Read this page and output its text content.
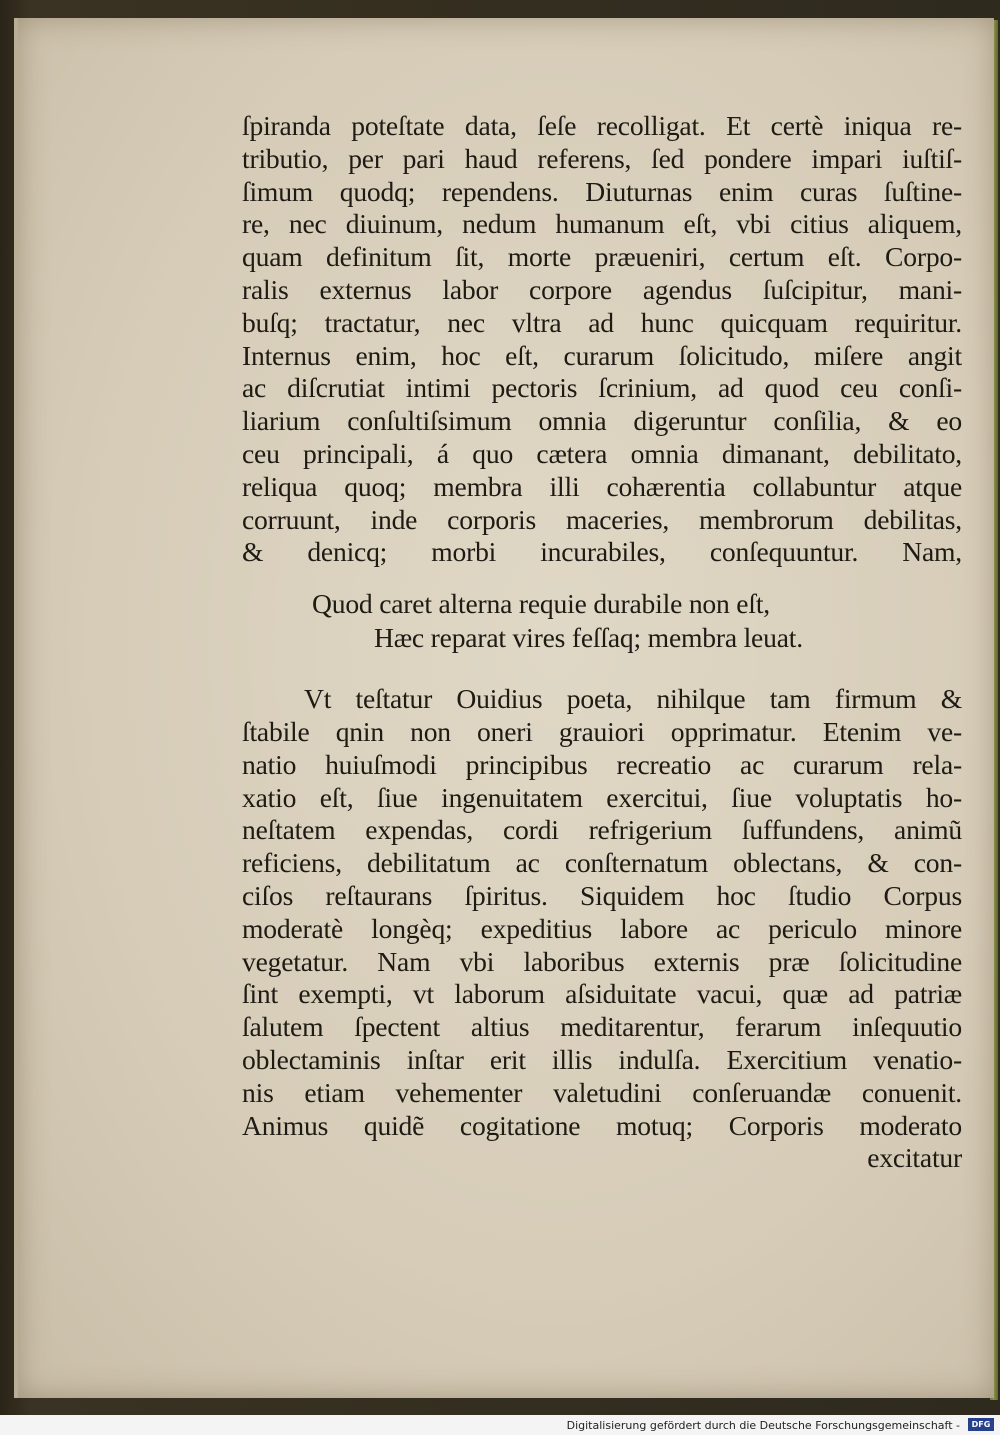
ſpiranda poteſtate data, ſeſe recolligat. Et certè iniqua re-
tributio, per pari haud referens, ſed pondere impari iuſtiſ-
ſimum quodq; rependens. Diuturnas enim curas ſuſtine-
re, nec diuinum, nedum humanum eſt, vbi citius aliquem,
quam definitum ſit, morte præueniri, certum eſt. Corpo-
ralis externus labor corpore agendus ſuſcipitur, mani-
buſq; tractatur, nec vltra ad hunc quicquam requiritur.
Internus enim, hoc eſt, curarum ſolicitudo, miſere angit
ac diſcrutiat intimi pectoris ſcrinium, ad quod ceu conſi-
liarium conſultiſsimum omnia digeruntur conſilia, & eo
ceu principali, á quo cætera omnia dimanant, debilitato,
reliqua quoq; membra illi cohærentia collabuntur atque
corruunt, inde corporis maceries, membrorum debilitas,
& denicq; morbi incurabiles, conſequuntur. Nam,
Quod caret alterna requie durabile non eſt,
Hæc reparat vires feſſaq; membra leuat.
Vt teſtatur Ouidius poeta, nihilque tam firmum &
ſtabile qnin non oneri grauiori opprimatur. Etenim ve-
natio huiuſmodi principibus recreatio ac curarum rela-
xatio eſt, ſiue ingenuitatem exercitui, ſiue voluptatis ho-
neſtatem expendas, cordi refrigerium ſuffundens, animũ
reficiens, debilitatum ac conſternatum oblectans, & con-
ciſos reſtaurans ſpiritus. Siquidem hoc ſtudio Corpus
moderatè longèq; expeditius labore ac periculo minore
vegetatur. Nam vbi laboribus externis præ ſolicitudine
ſint exempti, vt laborum aſsiduitate vacui, quæ ad patriæ
ſalutem ſpectent altius meditarentur, ferarum inſequutio
oblectaminis inſtar erit illis indulſa. Exercitium venatio-
nis etiam vehementer valetudini conſeruandæ conuenit.
Animus quidẽ cogitatione motuq; Corporis moderato
excitatur
Digitalisierung gefördert durch die Deutsche Forschungsgemeinschaft -	DFG
